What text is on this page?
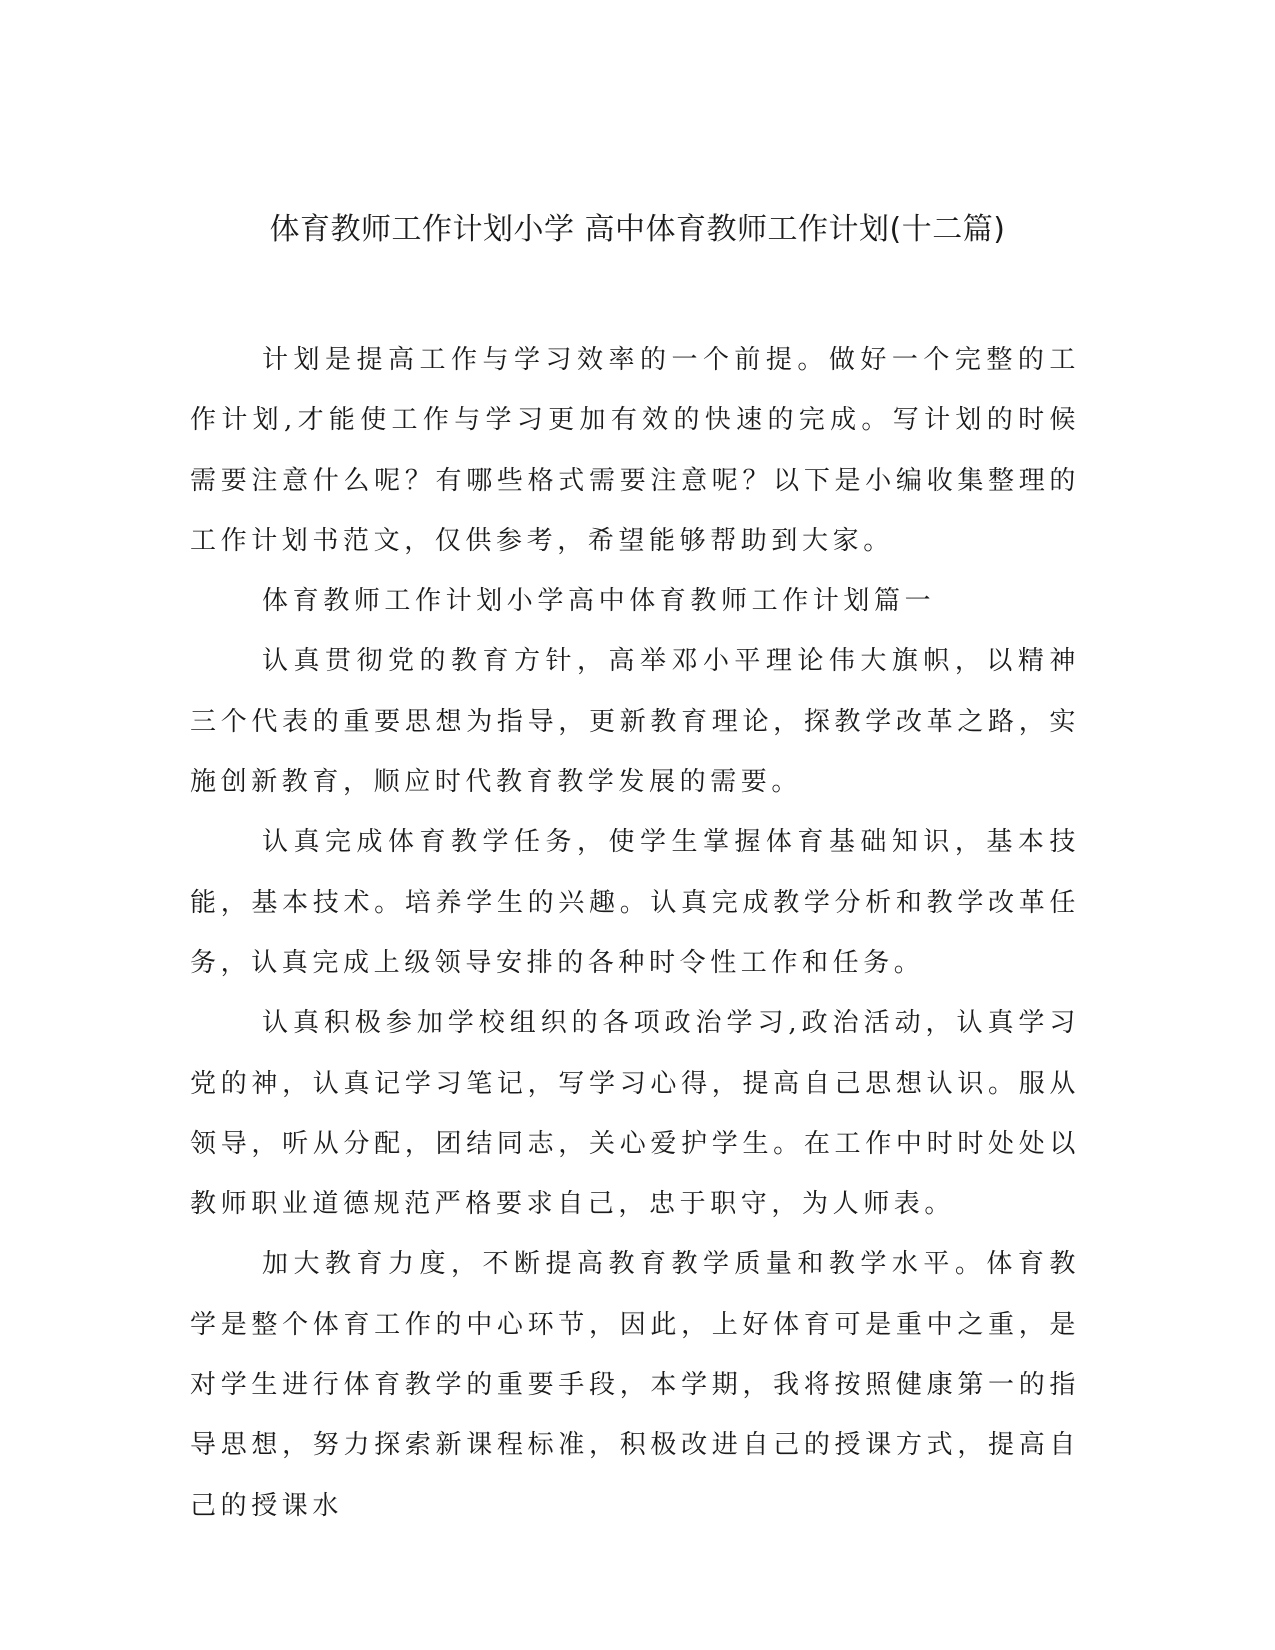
体育教师工作计划小学 高中体育教师工作计划(十二篇)

计划是提高工作与学习效率的一个前提。做好一个完整的工作计划,才能使工作与学习更加有效的快速的完成。写计划的时候需要注意什么呢？有哪些格式需要注意呢？以下是小编收集整理的工作计划书范文，仅供参考，希望能够帮助到大家。

体育教师工作计划小学高中体育教师工作计划篇一

认真贯彻党的教育方针，高举邓小平理论伟大旗帜，以精神三个代表的重要思想为指导，更新教育理论，探教学改革之路，实施创新教育，顺应时代教育教学发展的需要。

认真完成体育教学任务，使学生掌握体育基础知识，基本技能，基本技术。培养学生的兴趣。认真完成教学分析和教学改革任务，认真完成上级领导安排的各种时令性工作和任务。

认真积极参加学校组织的各项政治学习,政治活动，认真学习党的神，认真记学习笔记，写学习心得，提高自己思想认识。服从领导，听从分配，团结同志，关心爱护学生。在工作中时时处处以教师职业道德规范严格要求自己，忠于职守，为人师表。

加大教育力度，不断提高教育教学质量和教学水平。体育教学是整个体育工作的中心环节，因此，上好体育可是重中之重，是对学生进行体育教学的重要手段，本学期，我将按照健康第一的指导思想，努力探索新课程标准，积极改进自己的授课方式，提高自己的授课水
